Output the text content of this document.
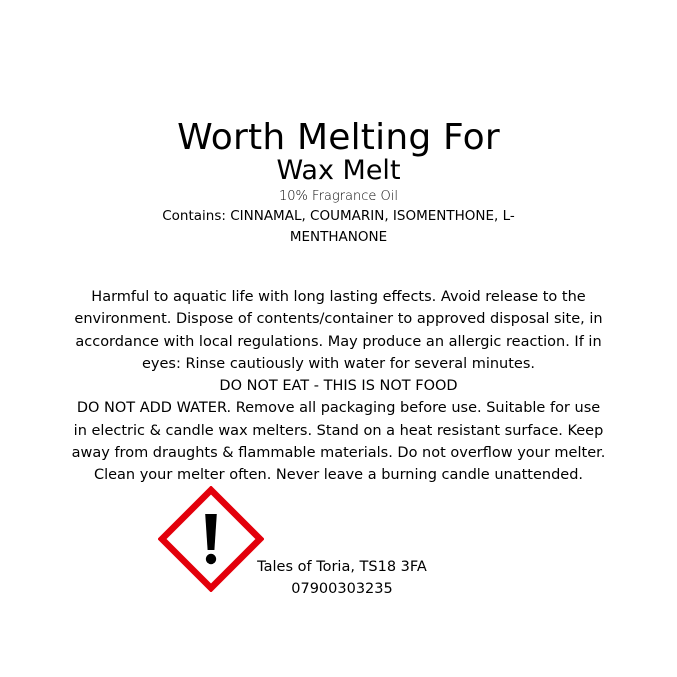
Worth Melting For
Wax Melt
10% Fragrance Oil
Contains: CINNAMAL, COUMARIN, ISOMENTHONE, L- MENTHANONE

Harmful to aquatic life with long lasting effects. Avoid release to the environment. Dispose of contents/container to approved disposal site, in accordance with local regulations. May produce an allergic reaction. If in eyes: Rinse cautiously with water for several minutes.

DO NOT EAT - THIS IS NOT FOOD

DO NOT ADD WATER. Remove all packaging before use. Suitable for use in electric & candle wax melters. Stand on a heat resistant surface. Keep away from draughts & flammable materials. Do not overflow your melter. Clean your melter often. Never leave a burning candle unattended.

Tales of Toria, TS18 3FA

07900303235
